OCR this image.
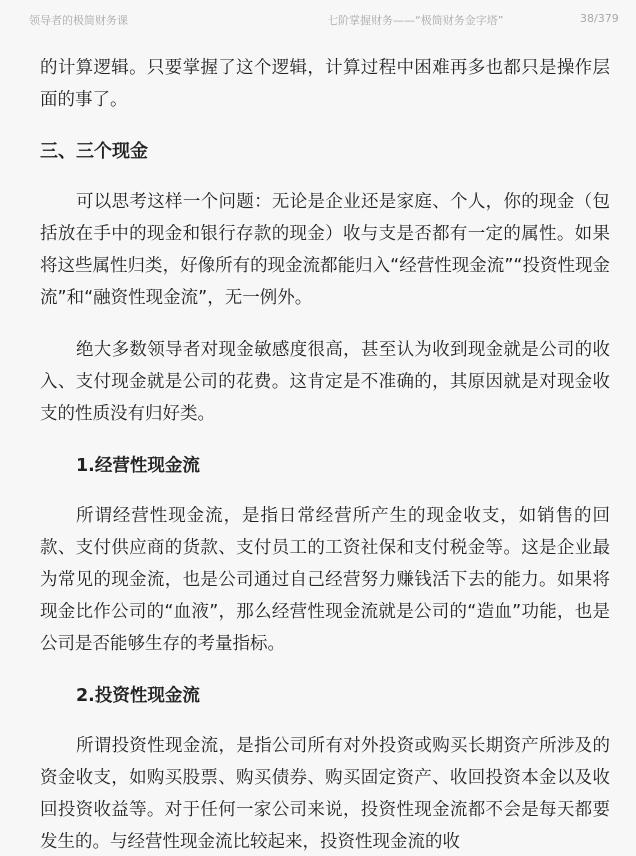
领导者的极简财务课	七阶掌握财务——“极简财务金字塔”	38/379

的计算逻辑。只要掌握了这个逻辑，计算过程中困难再多也都只是操作层面的事了。

三、三个现金

可以思考这样一个问题：无论是企业还是家庭、个人，你的现金（包括放在手中的现金和银行存款的现金）收与支是否都有一定的属性。如果将这些属性归类，好像所有的现金流都能归入“经营性现金流”“投资性现金流”和“融资性现金流”，无一例外。

绝大多数领导者对现金敏感度很高，甚至认为收到现金就是公司的收入、支付现金就是公司的花费。这肯定是不准确的，其原因就是对现金收支的性质没有归好类。

1.经营性现金流

所谓经营性现金流，是指日常经营所产生的现金收支，如销售的回款、支付供应商的货款、支付员工的工资社保和支付税金等。这是企业最为常见的现金流，也是公司通过自己经营努力赚钱活下去的能力。如果将现金比作公司的“血液”，那么经营性现金流就是公司的“造血”功能，也是公司是否能够生存的考量指标。

2.投资性现金流

所谓投资性现金流，是指公司所有对外投资或购买长期资产所涉及的资金收支，如购买股票、购买债券、购买固定资产、收回投资本金以及收回投资收益等。对于任何一家公司来说，投资性现金流都不会是每天都要发生的。与经营性现金流比较起来，投资性现金流的收
